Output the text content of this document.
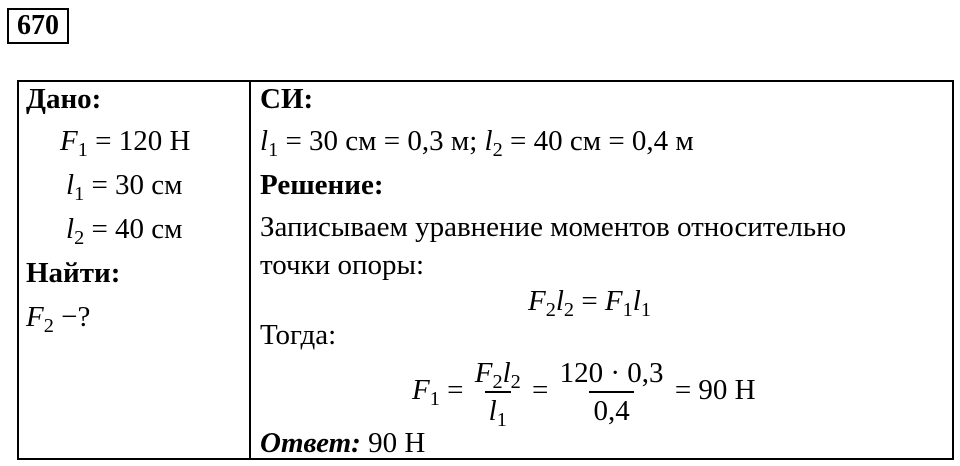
670
Дано:
$F_1 = 120$ Н
$l_1 = 30$ см
$l_2 = 40$ см
Найти:
$F_2$ −?
СИ:
$l_1 = 30$ см = 0,3 м; $l_2 = 40$ см = 0,4 м
Решение:
Записываем уравнение моментов относительно
точки опоры:
$F_2l_2 = F_1l_1$
Тогда:
$F_1 = \frac{F_2l_2}{l_1} = \frac{120 \cdot 0,3}{0,4} = 90$ Н
Ответ: 90 Н
